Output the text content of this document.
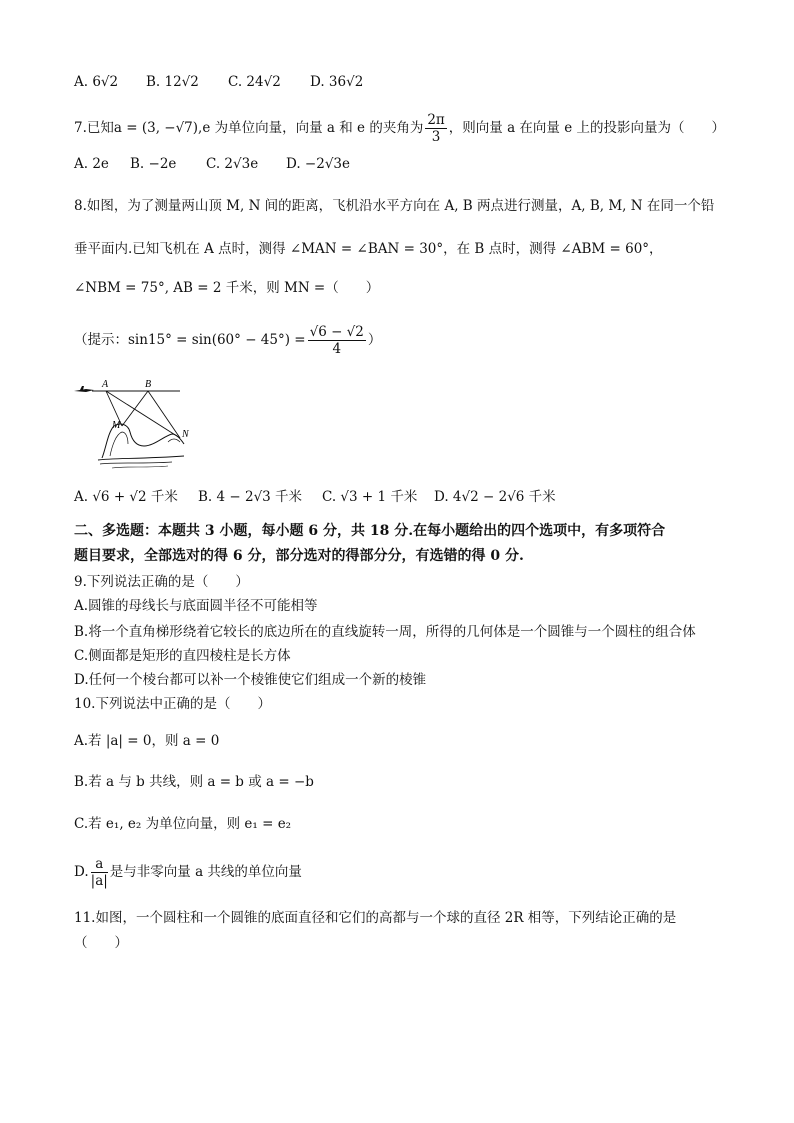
A. 6√2 B. 12√2 C. 24√2 D. 36√2
7.已知a = (3, −√7),e 为单位向量，向量 a 和 e 的夹角为 $\frac{2\pi}{3}$ ，则向量 a 在向量 e 上的投影向量为（　　）
A. 2e B. −2e C. 2√3e D. −2√3e
8.如图，为了测量两山顶 M, N 间的距离，飞机沿水平方向在 A, B 两点进行测量，A, B, M, N 在同一个铅
垂平面内.已知飞机在 A 点时，测得 ∠MAN = ∠BAN = 30°，在 B 点时，测得 ∠ABM = 60°，
∠NBM = 75°, AB = 2 千米，则 MN =（　　）
（提示：$\sin 15^\circ = \sin(60^\circ - 45^\circ) = \frac{√6 - √2}{4}$ ）
A	B
M
N
A. √6 + √2 千米 B. 4 − 2√3 千米 C. √3 + 1 千米 D. 4√2 − 2√6 千米
二、多选题：本题共 3 小题，每小题 6 分，共 18 分.在每小题给出的四个选项中，有多项符合
题目要求，全部选对的得 6 分，部分选对的得部分分，有选错的得 0 分.
9.下列说法正确的是（　　）
A.圆锥的母线长与底面圆半径不可能相等
B.将一个直角梯形绕着它较长的底边所在的直线旋转一周，所得的几何体是一个圆锥与一个圆柱的组合体
C.侧面都是矩形的直四棱柱是长方体
D.任何一个棱台都可以补一个棱锥使它们组成一个新的棱锥
10.下列说法中正确的是（　　）
A.若 |a| = 0，则 a = 0
B.若 a 与 b 共线，则 a = b 或 a = −b
C.若 e₁, e₂ 为单位向量，则 e₁ = e₂
D. $\frac{a}{|a|}$ 是与非零向量 a 共线的单位向量
11.如图，一个圆柱和一个圆锥的底面直径和它们的高都与一个球的直径 2R 相等，下列结论正确的是
（　　）
